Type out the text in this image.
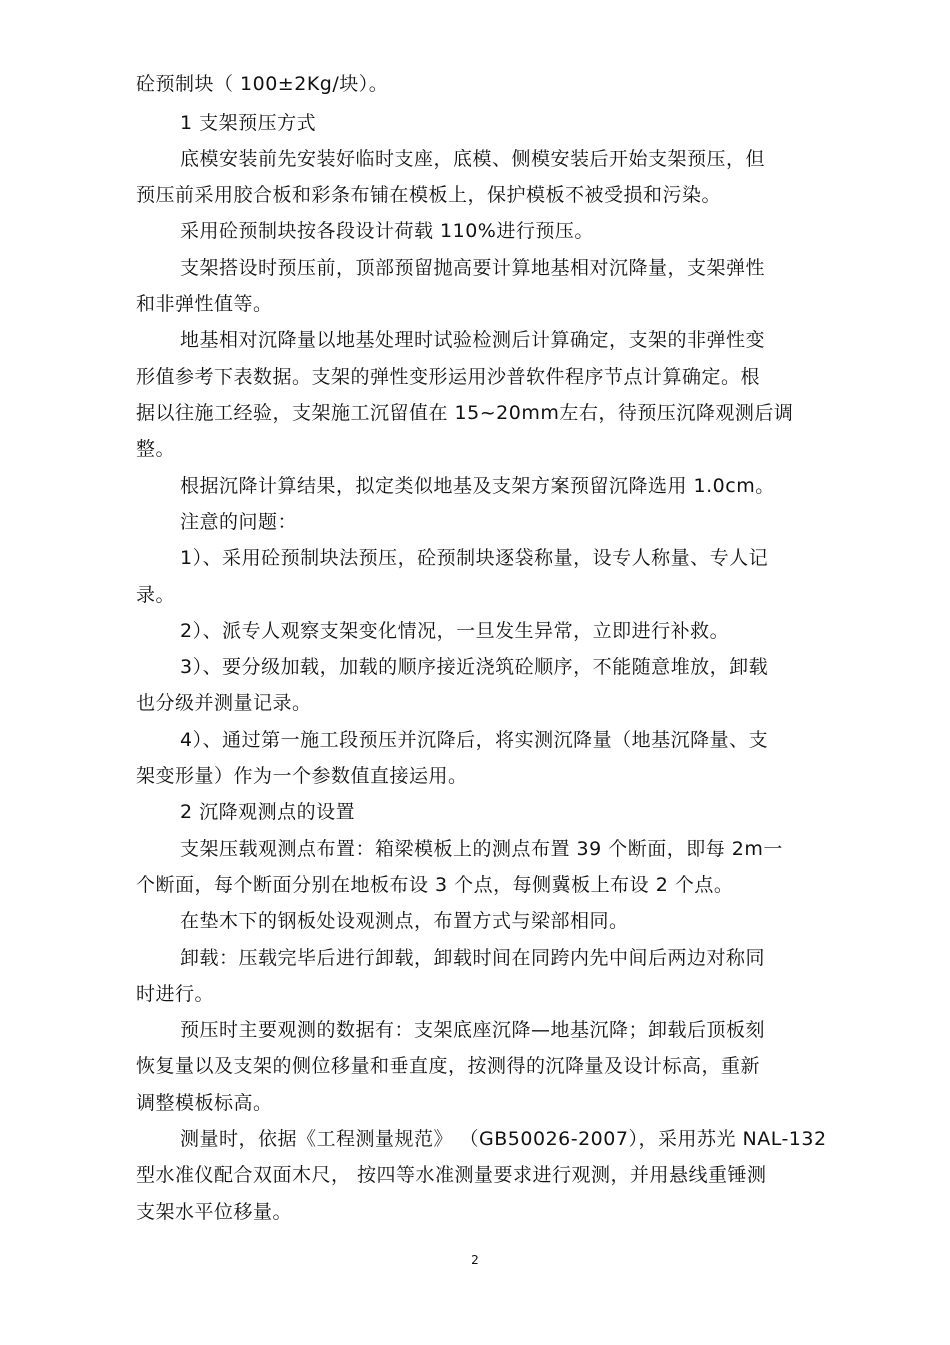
砼预制块（ 100±2Kg/块）。
1 支架预压方式
底模安装前先安装好临时支座，底模、侧模安装后开始支架预压，但
预压前采用胶合板和彩条布铺在模板上，保护模板不被受损和污染。
采用砼预制块按各段设计荷载 110%进行预压。
支架搭设时预压前，顶部预留抛高要计算地基相对沉降量，支架弹性
和非弹性值等。
地基相对沉降量以地基处理时试验检测后计算确定，支架的非弹性变
形值参考下表数据。支架的弹性变形运用沙普软件程序节点计算确定。根
据以往施工经验，支架施工沉留值在 15~20mm左右，待预压沉降观测后调
整。
根据沉降计算结果，拟定类似地基及支架方案预留沉降选用 1.0cm。
注意的问题：
1）、采用砼预制块法预压，砼预制块逐袋称量，设专人称量、专人记
录。
2）、派专人观察支架变化情况，一旦发生异常，立即进行补救。
3）、要分级加载，加载的顺序接近浇筑砼顺序，不能随意堆放，卸载
也分级并测量记录。
4）、通过第一施工段预压并沉降后，将实测沉降量（地基沉降量、支
架变形量）作为一个参数值直接运用。
2 沉降观测点的设置
支架压载观测点布置：箱梁模板上的测点布置 39 个断面，即每 2m一
个断面，每个断面分别在地板布设 3 个点，每侧冀板上布设 2 个点。
在垫木下的钢板处设观测点，布置方式与梁部相同。
卸载：压载完毕后进行卸载，卸载时间在同跨内先中间后两边对称同
时进行。
预压时主要观测的数据有：支架底座沉降—地基沉降；卸载后顶板刻
恢复量以及支架的侧位移量和垂直度，按测得的沉降量及设计标高，重新
调整模板标高。
测量时，依据《工程测量规范》 （GB50026-2007），采用苏光 NAL-132
型水准仪配合双面木尺， 按四等水准测量要求进行观测，并用悬线重锤测
支架水平位移量。
2
